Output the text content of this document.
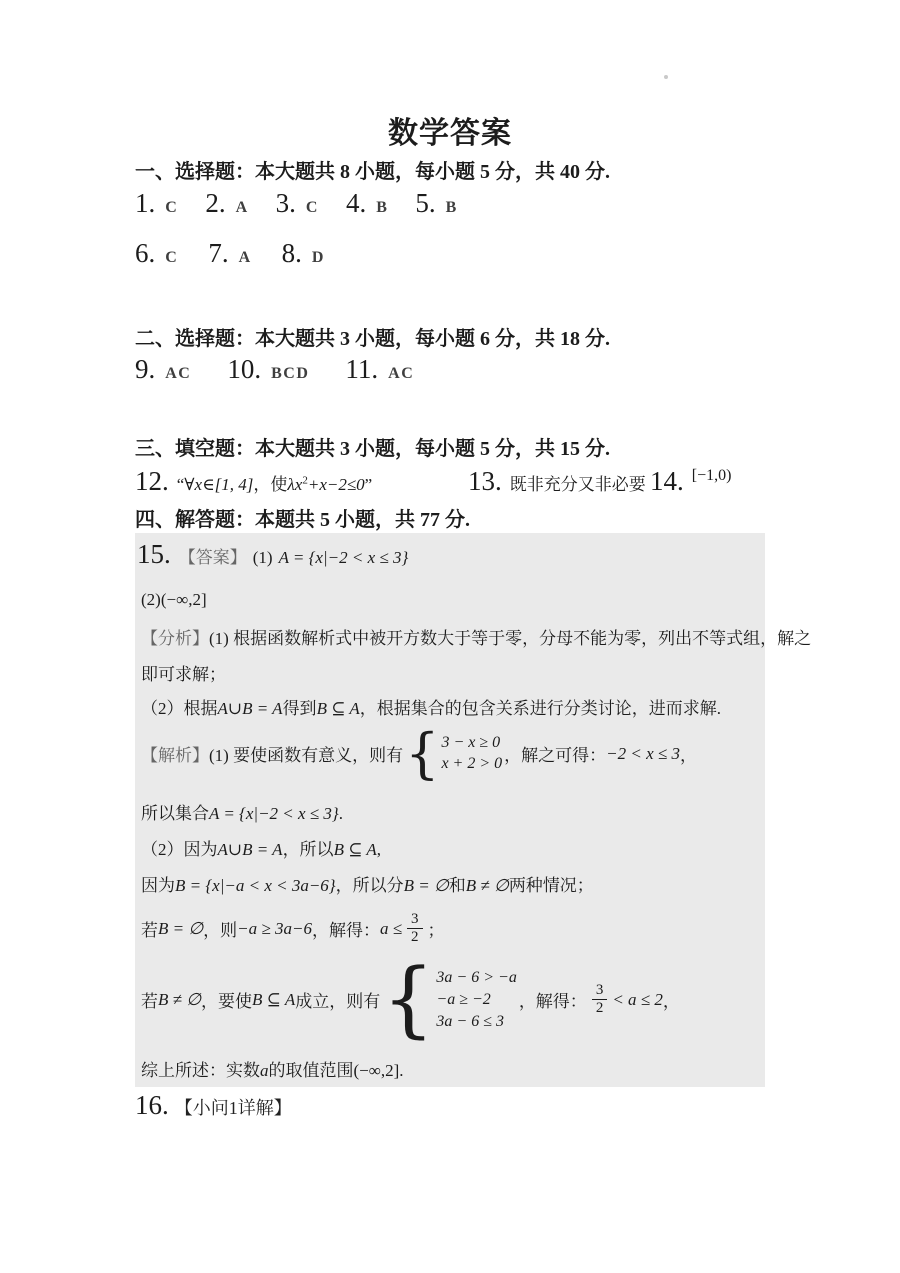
数学答案
一、选择题：本大题共 8 小题，每小题 5 分，共 40 分.
1. C 2. A 3. C 4. B 5. B
6. C 7. A 8. D
二、选择题：本大题共 3 小题，每小题 6 分，共 18 分.
9. AC 10. BCD 11. AC
三、填空题：本大题共 3 小题，每小题 5 分，共 15 分.
12. “∀x∈[1, 4]，使$\lambda x^2+x-2\le 0$”	13. 既非充分又非必要 14. [−1,0)
四、解答题：本题共 5 小题，共 77 分.
15. 【答案】 (1) A = {x|−2 < x ≤ 3}
(2)(−∞,2]
【分析】(1) 根据函数解析式中被开方数大于等于零，分母不能为零，列出不等式组，解之
即可求解；
（2）根据A∪B = A得到B ⊆ A，根据集合的包含关系进行分类讨论，进而求解.
【解析】 (1) 要使函数有意义，则有 { 3 − x ≥ 0
x + 2 > 0 ，解之可得： −2 < x ≤ 3 ，
所以集合A = {x|−2 < x ≤ 3}.
（2）因为A∪B = A，所以B ⊆ A,
因为B = {x|−a < x < 3a−6}，所以分B = ∅和B ≠ ∅两种情况；
若 B = ∅ ，则 −a ≥ 3a−6 ，解得： $a \le \frac{3}{2}$ ；
若 B ≠ ∅ ，要使 B ⊆ A 成立，则有 { 3a − 6 > −a
−a ≥ −2
3a − 6 ≤ 3
，解得： $\frac{3}{2} < a \le 2$ ，
综上所述：实数a的取值范围(−∞,2].
16. 【小问1详解】
